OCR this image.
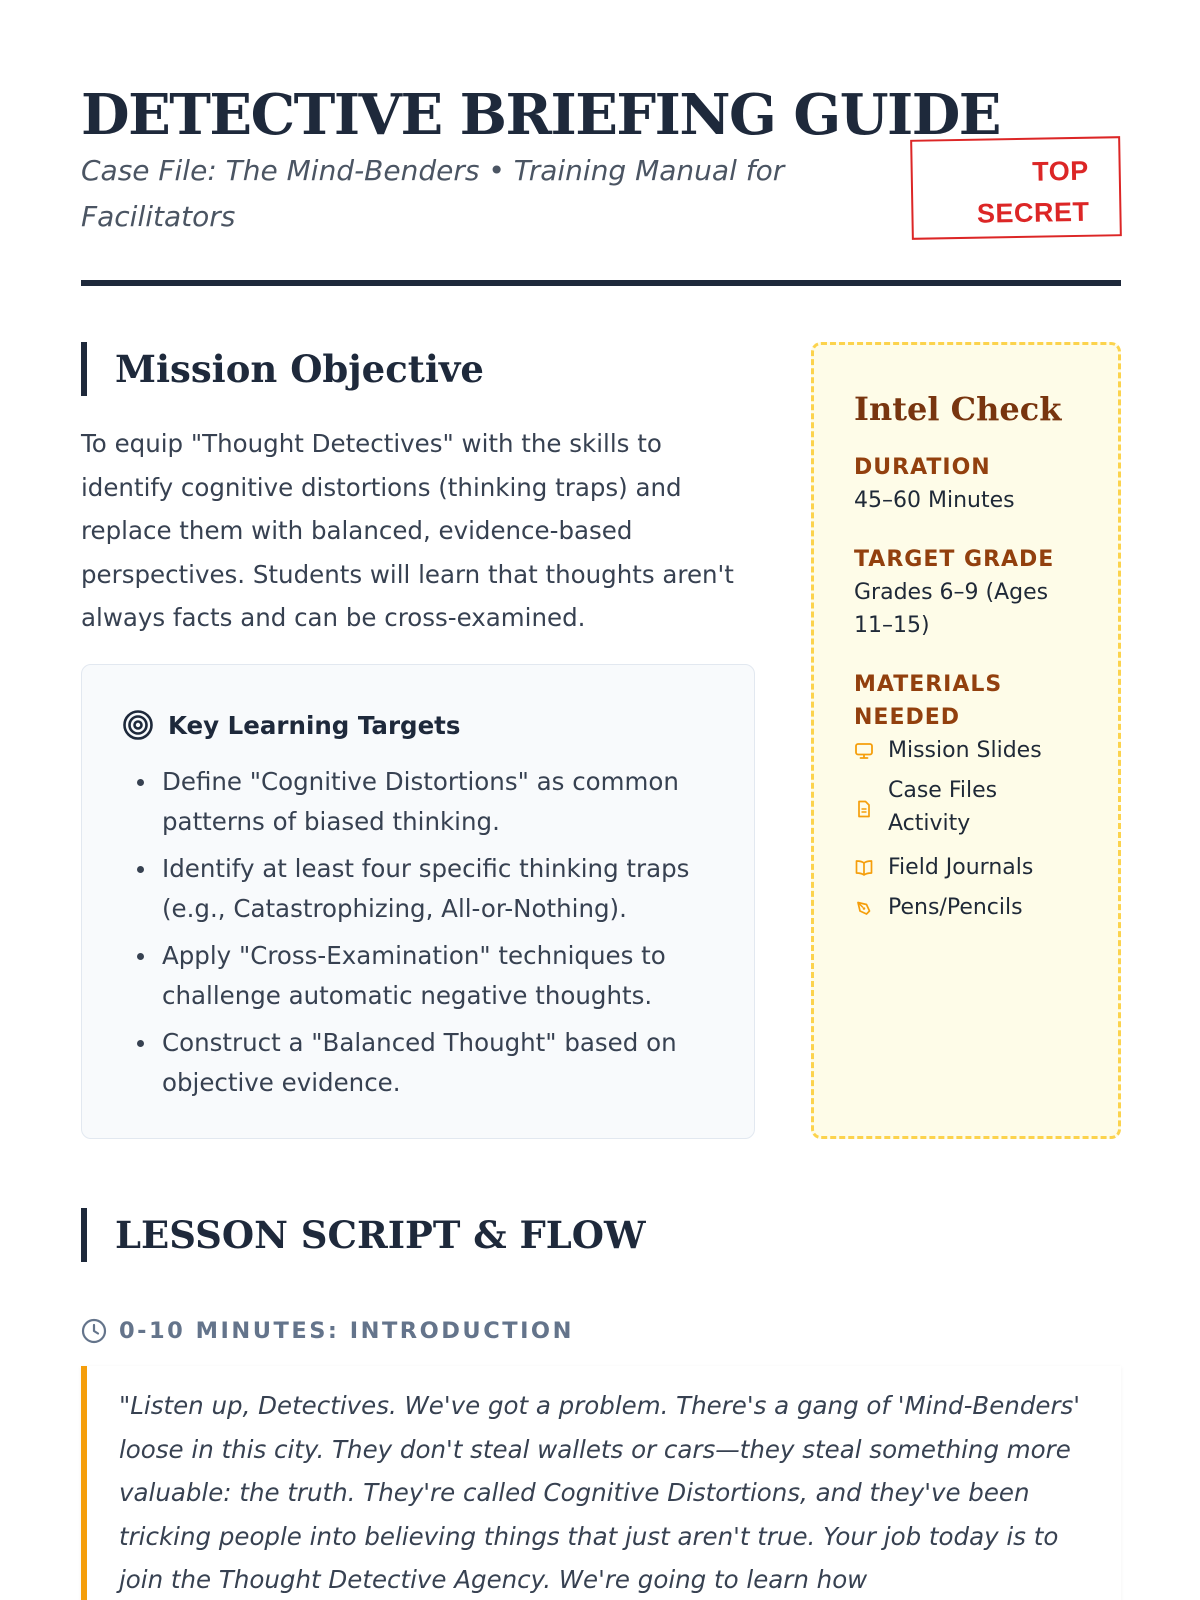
DETECTIVE BRIEFING GUIDE

Case File: The Mind-Benders • Training Manual for Facilitators

TOP
SECRET
Mission Objective

To equip "Thought Detectives" with the skills to identify cognitive distortions (thinking traps) and replace them with balanced, evidence-based perspectives. Students will learn that thoughts aren't always facts and can be cross-examined.

Key Learning Targets
Define "Cognitive Distortions" as common patterns of biased thinking.
Identify at least four specific thinking traps (e.g., Catastrophizing, All-or-Nothing).
Apply "Cross-Examination" techniques to challenge automatic negative thoughts.
Construct a "Balanced Thought" based on objective evidence.
Intel Check
DURATION
45–60 Minutes
TARGET GRADE
Grades 6–9 (Ages 11–15)
MATERIALS NEEDED
Mission Slides
Case Files Activity
Field Journals
Pens/Pencils
LESSON SCRIPT & FLOW
0-10 MINUTES: INTRODUCTION

"Listen up, Detectives. We've got a problem. There's a gang of 'Mind-Benders' loose in this city. They don't steal wallets or cars—they steal something more valuable: the truth. They're called Cognitive Distortions, and they've been tricking people into believing things that just aren't true. Your job today is to join the Thought Detective Agency. We're going to learn how
